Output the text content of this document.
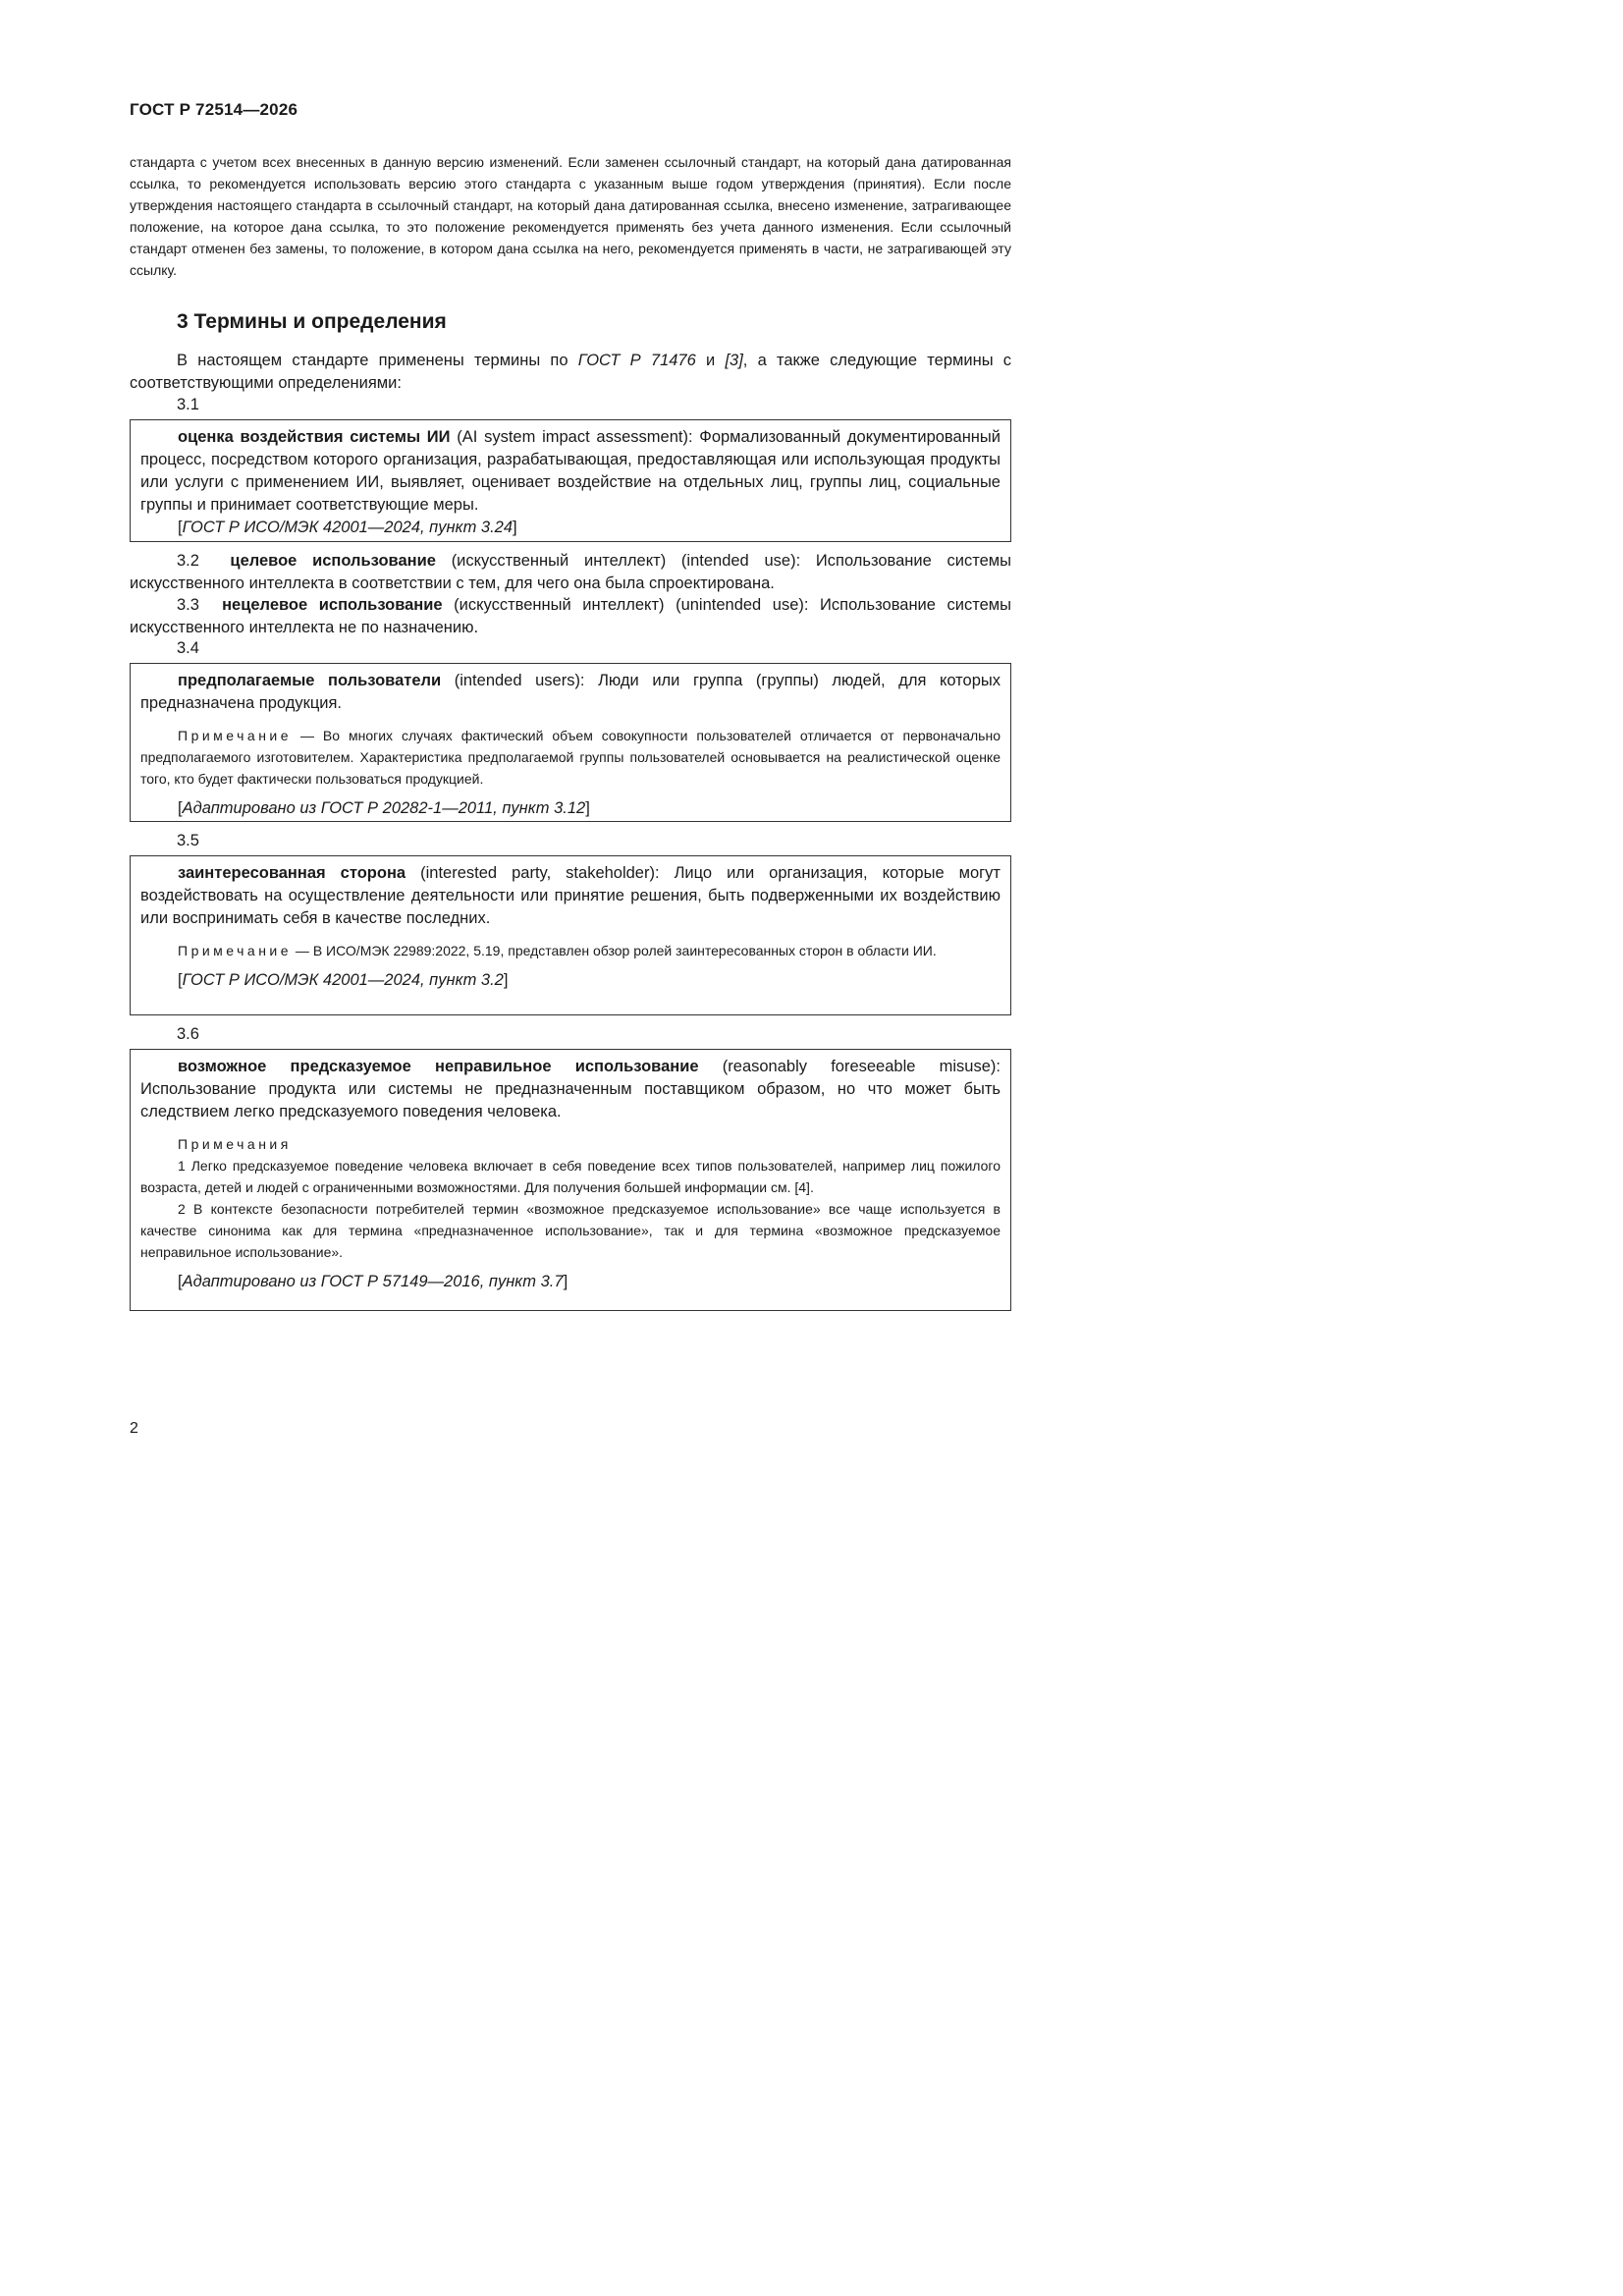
ГОСТ Р 72514—2026
стандарта с учетом всех внесенных в данную версию изменений. Если заменен ссылочный стандарт, на который дана датированная ссылка, то рекомендуется использовать версию этого стандарта с указанным выше годом утверждения (принятия). Если после утверждения настоящего стандарта в ссылочный стандарт, на который дана датированная ссылка, внесено изменение, затрагивающее положение, на которое дана ссылка, то это положение рекомендуется применять без учета данного изменения. Если ссылочный стандарт отменен без замены, то положение, в котором дана ссылка на него, рекомендуется применять в части, не затрагивающей эту ссылку.
3 Термины и определения
В настоящем стандарте применены термины по ГОСТ Р 71476 и [3], а также следующие термины с соответствующими определениями:
3.1

оценка воздействия системы ИИ (AI system impact assessment): Формализованный документированный процесс, посредством которого организация, разрабатывающая, предоставляющая или использующая продукты или услуги с применением ИИ, выявляет, оценивает воздействие на отдельных лиц, группы лиц, социальные группы и принимает соответствующие меры.

[ГОСТ Р ИСО/МЭК 42001—2024, пункт 3.24]

3.2 целевое использование (искусственный интеллект) (intended use): Использование системы искусственного интеллекта в соответствии с тем, для чего она была спроектирована.
3.3 нецелевое использование (искусственный интеллект) (unintended use): Использование системы искусственного интеллекта не по назначению.
3.4

предполагаемые пользователи (intended users): Люди или группа (группы) людей, для которых предназначена продукция.

Примечание — Во многих случаях фактический объем совокупности пользователей отличается от первоначально предполагаемого изготовителем. Характеристика предполагаемой группы пользователей основывается на реалистической оценке того, кто будет фактически пользоваться продукцией.

[Адаптировано из ГОСТ Р 20282-1—2011, пункт 3.12]

3.5

заинтересованная сторона (interested party, stakeholder): Лицо или организация, которые могут воздействовать на осуществление деятельности или принятие решения, быть подверженными их воздействию или воспринимать себя в качестве последних.

Примечание — В ИСО/МЭК 22989:2022, 5.19, представлен обзор ролей заинтересованных сторон в области ИИ.

[ГОСТ Р ИСО/МЭК 42001—2024, пункт 3.2]

3.6

возможное предсказуемое неправильное использование (reasonably foreseeable misuse): Использование продукта или системы не предназначенным поставщиком образом, но что может быть следствием легко предсказуемого поведения человека.

Примечания

1 Легко предсказуемое поведение человека включает в себя поведение всех типов пользователей, например лиц пожилого возраста, детей и людей с ограниченными возможностями. Для получения большей информации см. [4].

2 В контексте безопасности потребителей термин «возможное предсказуемое использование» все чаще используется в качестве синонима как для термина «предназначенное использование», так и для термина «возможное предсказуемое неправильное использование».

[Адаптировано из ГОСТ Р 57149—2016, пункт 3.7]

2
